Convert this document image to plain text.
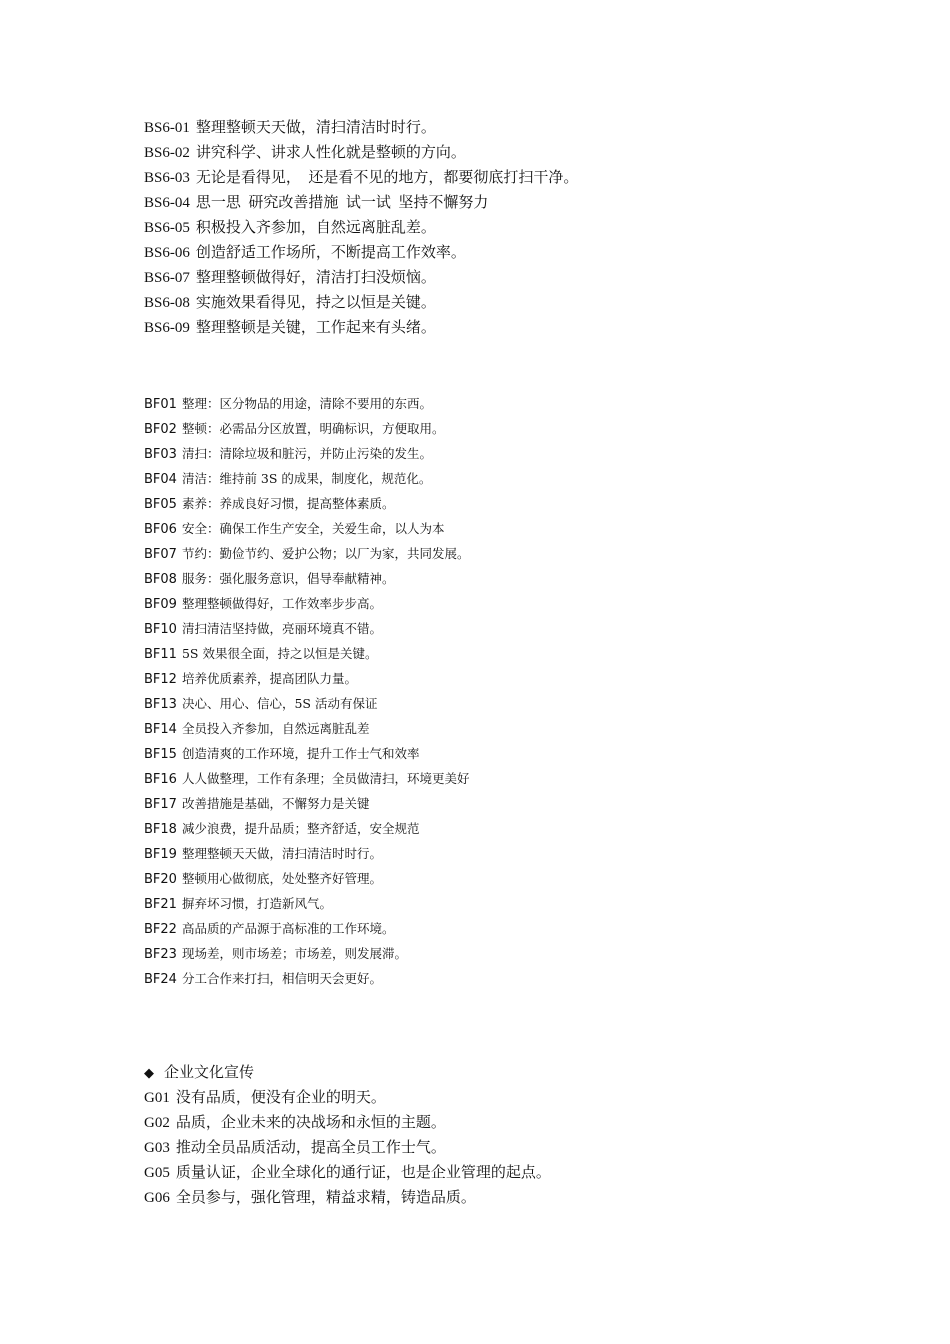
BS6-01 整理整顿天天做，清扫清洁时时行。
BS6-02 讲究科学、讲求人性化就是整顿的方向。
BS6-03 无论是看得见，  还是看不见的地方，都要彻底打扫干净。
BS6-04 思一思  研究改善措施  试一试  坚持不懈努力
BS6-05 积极投入齐参加，自然远离脏乱差。
BS6-06 创造舒适工作场所，不断提高工作效率。
BS6-07 整理整顿做得好，清洁打扫没烦恼。
BS6-08 实施效果看得见，持之以恒是关键。
BS6-09 整理整顿是关键，工作起来有头绪。
BF01 整理：区分物品的用途，清除不要用的东西。
BF02 整顿：必需品分区放置，明确标识，方便取用。
BF03 清扫：清除垃圾和脏污，并防止污染的发生。
BF04 清洁：维持前 3S 的成果，制度化，规范化。
BF05 素养：养成良好习惯，提高整体素质。
BF06 安全：确保工作生产安全，关爱生命，以人为本
BF07 节约：勤俭节约、爱护公物；以厂为家，共同发展。
BF08 服务：强化服务意识，倡导奉献精神。
BF09 整理整顿做得好，工作效率步步高。
BF10 清扫清洁坚持做，亮丽环境真不错。
BF11 5S 效果很全面，持之以恒是关键。
BF12 培养优质素养，提高团队力量。
BF13 决心、用心、信心，5S 活动有保证
BF14 全员投入齐参加，自然远离脏乱差
BF15 创造清爽的工作环境，提升工作士气和效率
BF16 人人做整理，工作有条理；全员做清扫，环境更美好
BF17 改善措施是基础，不懈努力是关键
BF18 减少浪费，提升品质；整齐舒适，安全规范
BF19 整理整顿天天做，清扫清洁时时行。
BF20 整顿用心做彻底，处处整齐好管理。
BF21 摒弃坏习惯，打造新风气。
BF22 高品质的产品源于高标准的工作环境。
BF23 现场差，则市场差；市场差，则发展滞。
BF24 分工合作来打扫，相信明天会更好。
◆ 企业文化宣传
G01 没有品质，便没有企业的明天。
G02 品质，企业未来的决战场和永恒的主题。
G03 推动全员品质活动，提高全员工作士气。
G05 质量认证，企业全球化的通行证，也是企业管理的起点。
G06 全员参与，强化管理，精益求精，铸造品质。
